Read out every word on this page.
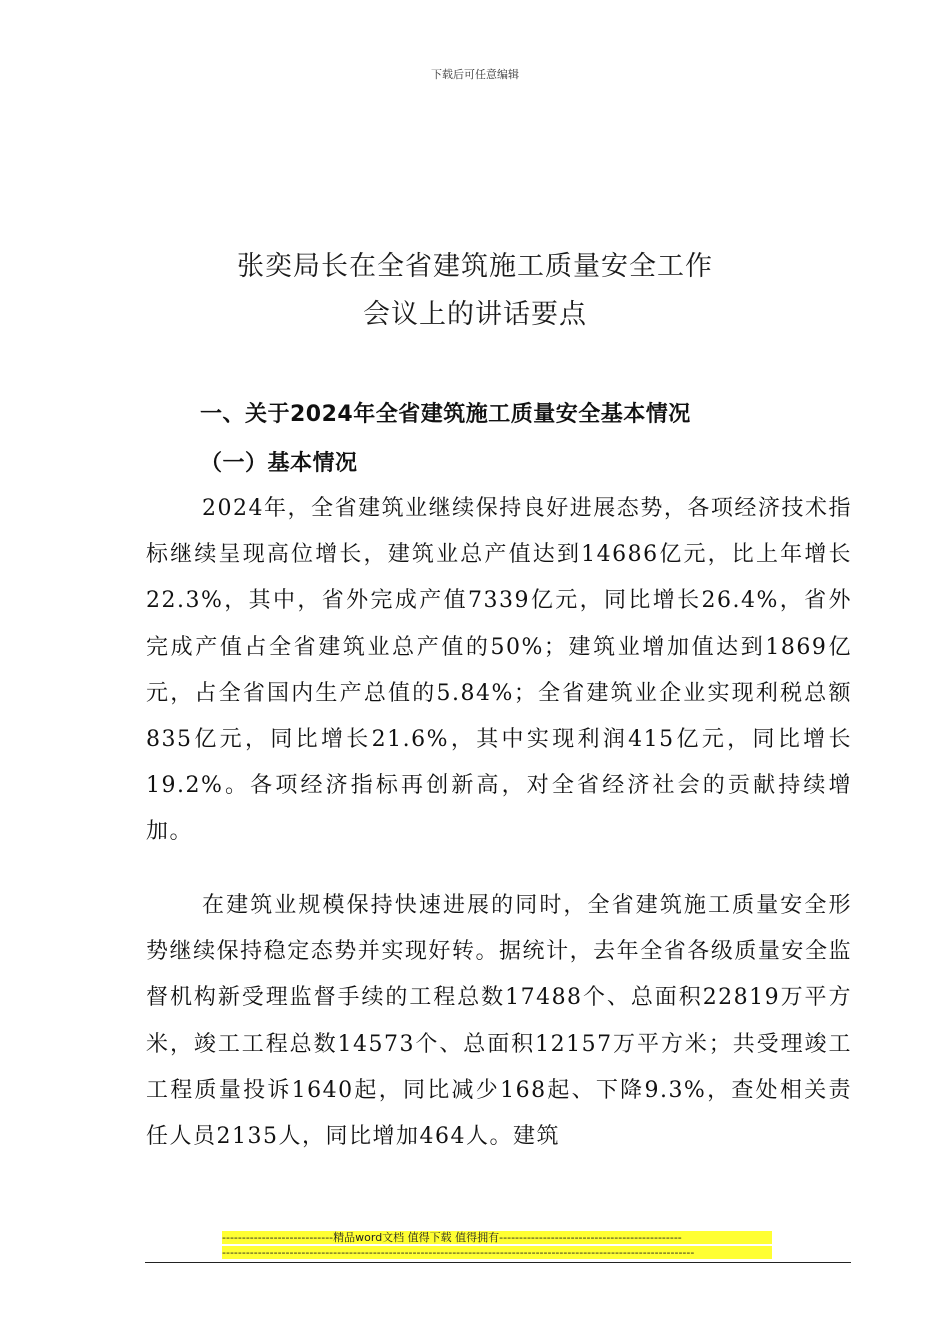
下载后可任意编辑
张奕局长在全省建筑施工质量安全工作
会议上的讲话要点
一、关于2024年全省建筑施工质量安全基本情况
（一）基本情况
2024年，全省建筑业继续保持良好进展态势，各项经济技术指标继续呈现高位增长，建筑业总产值达到14686亿元，比上年增长22.3%，其中，省外完成产值7339亿元，同比增长26.4%，省外完成产值占全省建筑业总产值的50%；建筑业增加值达到1869亿元，占全省国内生产总值的5.84%；全省建筑业企业实现利税总额835亿元，同比增长21.6%，其中实现利润415亿元，同比增长19.2%。各项经济指标再创新高，对全省经济社会的贡献持续增加。
在建筑业规模保持快速进展的同时，全省建筑施工质量安全形势继续保持稳定态势并实现好转。据统计，去年全省各级质量安全监督机构新受理监督手续的工程总数17488个、总面积22819万平方米，竣工工程总数14573个、总面积12157万平方米；共受理竣工工程质量投诉1640起，同比减少168起、下降9.3%，查处相关责任人员2135人，同比增加464人。建筑
----------------------------精品word文档 值得下载 值得拥有----------------------------------------------
-----------------------------------------------------------------------------------------------------------------------
